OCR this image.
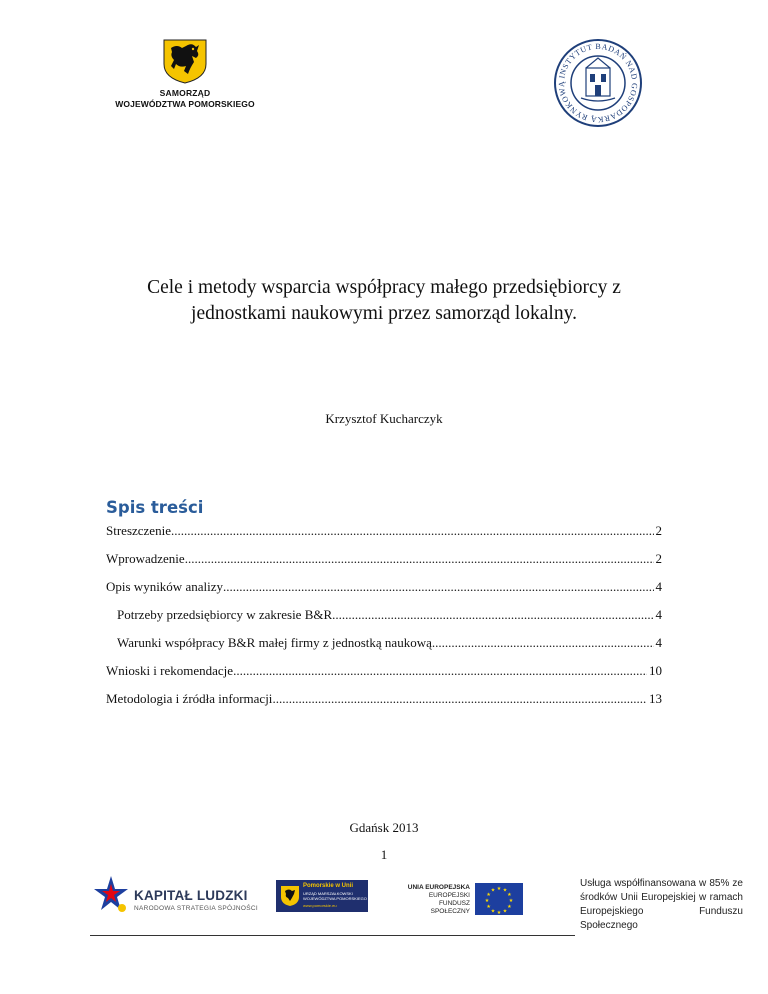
SAMORZĄD
WOJEWÓDZTWA POMORSKIEGO
INSTYTUT BADAŃ NAD GOSPODARKĄ RYNKOWĄ
Cele i metody wsparcia współpracy małego przedsiębiorcy z
jednostkami naukowymi przez samorząd lokalny.
Krzysztof Kucharczyk
Spis treści
Streszczenie .....	2
Wprowadzenie .....	2
Opis wyników analizy .....	4
Potrzeby przedsiębiorcy w zakresie B&R .....	4
Warunki współpracy B&R małej firmy z jednostką naukową .....	4
Wnioski i rekomendacje .....	10
Metodologia i źródła informacji .....	13
Gdańsk 2013
1
KAPITAŁ LUDZKI
NARODOWA STRATEGIA SPÓJNOŚCI
Pomorskie w Unii
URZĄD MARSZAŁKOWSKI
WOJEWÓDZTWA POMORSKIEGO
www.pomorskie.eu
UNIA EUROPEJSKA
EUROPEJSKI
FUNDUSZ SPOŁECZNY
★ ★
★
★
★
★
★
★
★
★
★
★
Usługa współfinansowana w 85% ze środków Unii Europejskiej w ramach Europejskiego Funduszu Społecznego
